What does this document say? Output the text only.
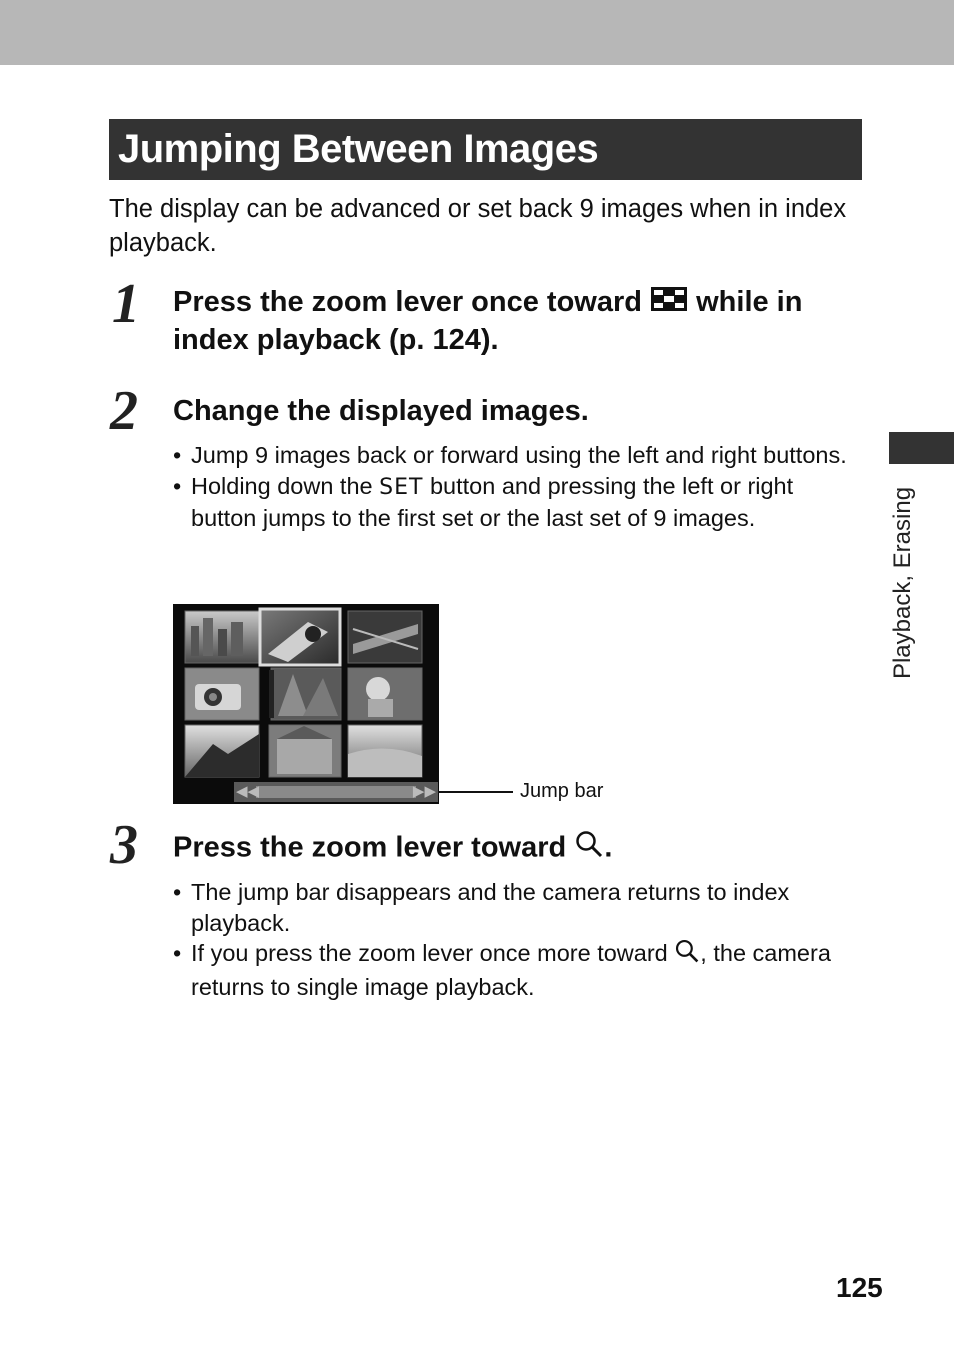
Jumping Between Images
The display can be advanced or set back 9 images when in index playback.
1 Press the zoom lever once toward while in index playback (p. 124).
2 Change the displayed images.
• Jump 9 images back or forward using the left and right buttons.
• Holding down the SET button and pressing the left or right button jumps to the first set or the last set of 9 images.
◀◀	▶▶	Jump bar
3 Press the zoom lever toward .
• The jump bar disappears and the camera returns to index playback.
• If you press the zoom lever once more toward , the camera returns to single image playback.
Playback, Erasing
125
